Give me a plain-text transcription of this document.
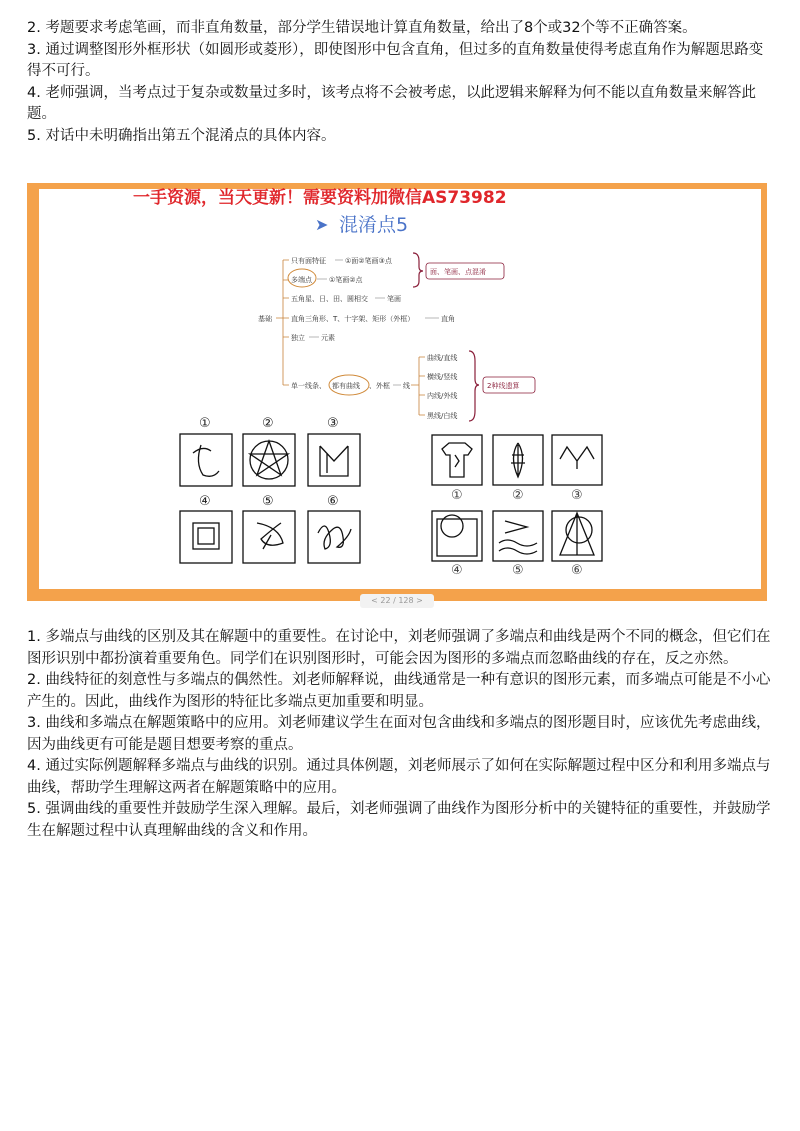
2. 考题要求考虑笔画，而非直角数量，部分学生错误地计算直角数量，给出了8个或32个等不正确答案。

3. 通过调整图形外框形状（如圆形或菱形），即使图形中包含直角，但过多的直角数量使得考虑直角作为解题思路变得不可行。

4. 老师强调，当考点过于复杂或数量过多时，该考点将不会被考虑，以此逻辑来解释为何不能以直角数量来解答此题。

5. 对话中未明确指出第五个混淆点的具体内容。

一手资源，当天更新！需要资料加微信AS73982
➤ 混淆点5
基础
只有面特征	①面②笔画③点
多端点 ①笔画②点
五角星、日、田、圆相交	笔画
直角三角形、T、十字架、矩形（外框）	直角
独立 元素
单一线条、 都有曲线 、外框 线
曲线/直线
横线/竖线
内线/外线
黑线/白线
面、笔画、点混淆
2种线遗算
①	②	③
④	⑤	⑥	①	②	③
④	⑤	⑥
< 22 / 128 >

1. 多端点与曲线的区别及其在解题中的重要性。在讨论中，刘老师强调了多端点和曲线是两个不同的概念，但它们在图形识别中都扮演着重要角色。同学们在识别图形时，可能会因为图形的多端点而忽略曲线的存在，反之亦然。

2. 曲线特征的刻意性与多端点的偶然性。刘老师解释说，曲线通常是一种有意识的图形元素，而多端点可能是不小心产生的。因此，曲线作为图形的特征比多端点更加重要和明显。

3. 曲线和多端点在解题策略中的应用。刘老师建议学生在面对包含曲线和多端点的图形题目时，应该优先考虑曲线，因为曲线更有可能是题目想要考察的重点。

4. 通过实际例题解释多端点与曲线的识别。通过具体例题，刘老师展示了如何在实际解题过程中区分和利用多端点与曲线，帮助学生理解这两者在解题策略中的应用。

5. 强调曲线的重要性并鼓励学生深入理解。最后，刘老师强调了曲线作为图形分析中的关键特征的重要性，并鼓励学生在解题过程中认真理解曲线的含义和作用。
